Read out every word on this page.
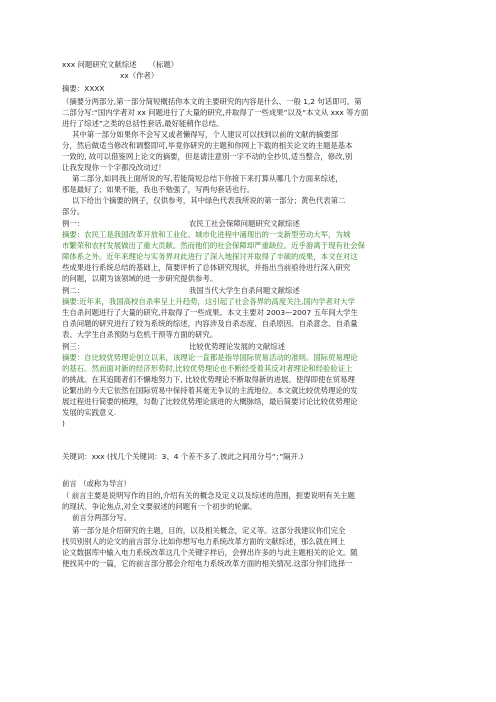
xxx 问题研究文献综述 （标题）
xx（作者）
摘要：XXXX
（摘要分两部分,第一部分简短概括你本文的主要研究的内容是什么、一般 1,2 句话即可。第
二部分写:“国内学者对 xx 问题进行了大量的研究,并取得了一些成果”以及“本文从 xxx 等方面
进行了综述”之类的总括性套话,最好能稍作总结。
其中第一部分如果你不会写又或者懒得写，个人建议可以找到以前的文献的摘要部
分，然后做适当修改和调整即可,毕竟你研究的主题和你网上下载的相关论文的主题是基本
一致的, 故可以借鉴网上论文的摘要，但是请注意別一字不动的全抄贝,适当整合，修改,别
让我发现你一个字都没改动过！
第二部分,如同我上面所说的写,若能简短总结下你接下来打算从哪几个方面来综述，
那是最好了；如果不能，我也不勉强了，写两句套话也行。
以下给出个摘要的例子，仅供参考，其中绿色代表我所说的第一部分；黄色代表第二
部分。
例一：	农民工社会保障问题研究文献综述
摘要：农民工是我国改革开放和工业化、城市化进程中涌现出的一支新型劳动大军，为城
市繁荣和农村发展做出了重大贡献。然而他们的社会保障却严重缺位。近乎游离于现有社会保
障体系之外。近年来理论与实务界对此进行了深入地探讨并取得了丰硕的成果，本文在对这
些成果进行系统总结的基础上，简要评析了总体研究现状，并指出当前亟待进行深入研究
的问题，以期为该领域的进一步研究提供参考。
例二：	我国当代大学生自杀问题文献综述
摘要:近年来，我国高校自杀率呈上升趋势，这引起了社会各界的高度关注,国内学者对大学
生自杀问题进行了大量的研究,并取得了一些成果。本文主要对 2003—2007 五年间大学生
自杀问题的研究进行了较为系统的综述，内容涉及自杀态度、自杀原因、自杀意念、自杀量
表、大学生自杀预防与危机干预等方面的研究。
例三：	比较优势理论发展的文献综述
摘要：自比较优势理论创立以来，该理论一直都是指导国际贸易活动的准则。国际贸易理论
的基石。然而面对新的经济形势时,比较优势理论也不断经受着其反对者理论和经验验证上
的挑战。在其追随者们不懈地努力下, 比较优势理论不断取得新的进展。使得即使在贸易理
论繁出的今天它依然在国际贸易中保持着其毫无争议的主流地位。本文就比较优势理论的发
展过程进行简要的梳理，勾勒了比较优势理论演进的大概脉络，最后简要讨论比较优势理论
发展的实践意义.
)
关键词：xxx (找几个关键词：3、4 个差不多了.彼此之间用分号“；”隔开.)
前言 （或称为导言）
（ 前言主要是说明写作的目的,介绍有关的概念及定义以及综述的范围，扼要说明有关主题
的现状、争论焦点,对全文要叙述的问题有一个初步的轮廓。
前言分两部分写。
第一部分是介绍研究的主题，目的，以及相关概念，定义等。这部分我建议你们完全
找贝别别人的论文的前言部分.比如你想写电力系统改革方面的文献综述，那么就在网上
论文数据库中输入电力系统改革这几个关键字样后，会弹出许多的与此主题相关的论文。随
便找其中的一篇，它的前言部分都会介绍电力系统改革方面的相关情况.这部分你们选择一
